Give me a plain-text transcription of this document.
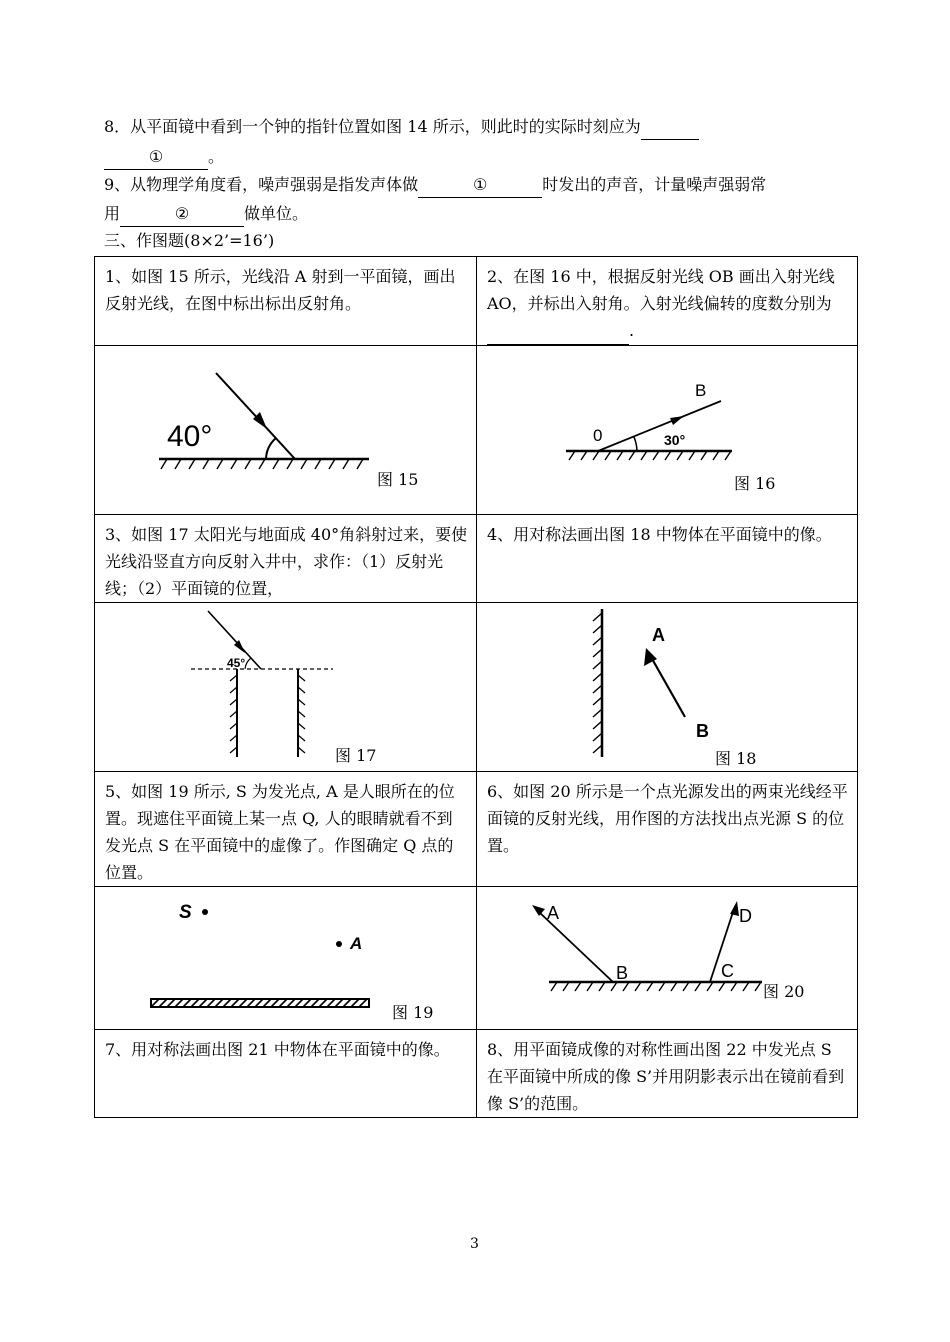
8．从平面镜中看到一个钟的指针位置如图 14 所示，则此时的实际时刻应为
①	。
9、从物理学角度看，噪声强弱是指发声体做	①	时发出的声音，计量噪声强弱常
用	②	做单位。
三、作图题(8×2’=16’)
1、如图 15 所示，光线沿 A 射到一平面镜，画出反射光线，在图中标出标出反射角。	2、在图 16 中，根据反射光线 OB 画出入射光线 AO，并标出入射角。入射光线偏转的度数分别为 .

40°
图 15	B
0 30°
图 16

3、如图 17 太阳光与地面成 40°角斜射过来，要使光线沿竖直方向反射入井中，求作：（1）反射光线；（2）平面镜的位置，	4、用对称法画出图 18 中物体在平面镜中的像。

45°
图 17	A
B
图 18

5、如图 19 所示, S 为发光点, A 是人眼所在的位置。现遮住平面镜上某一点 Q, 人的眼睛就看不到发光点 S 在平面镜中的虚像了。作图确定 Q 点的位置。	6、如图 20 所示是一个点光源发出的两束光线经平面镜的反射光线，用作图的方法找出点光源 S 的位置。

S
A
图 19	A
B C
D
图 20

7、用对称法画出图 21 中物体在平面镜中的像。	8、用平面镜成像的对称性画出图 22 中发光点 S 在平面镜中所成的像 S’并用阴影表示出在镜前看到像 S’的范围。
3
